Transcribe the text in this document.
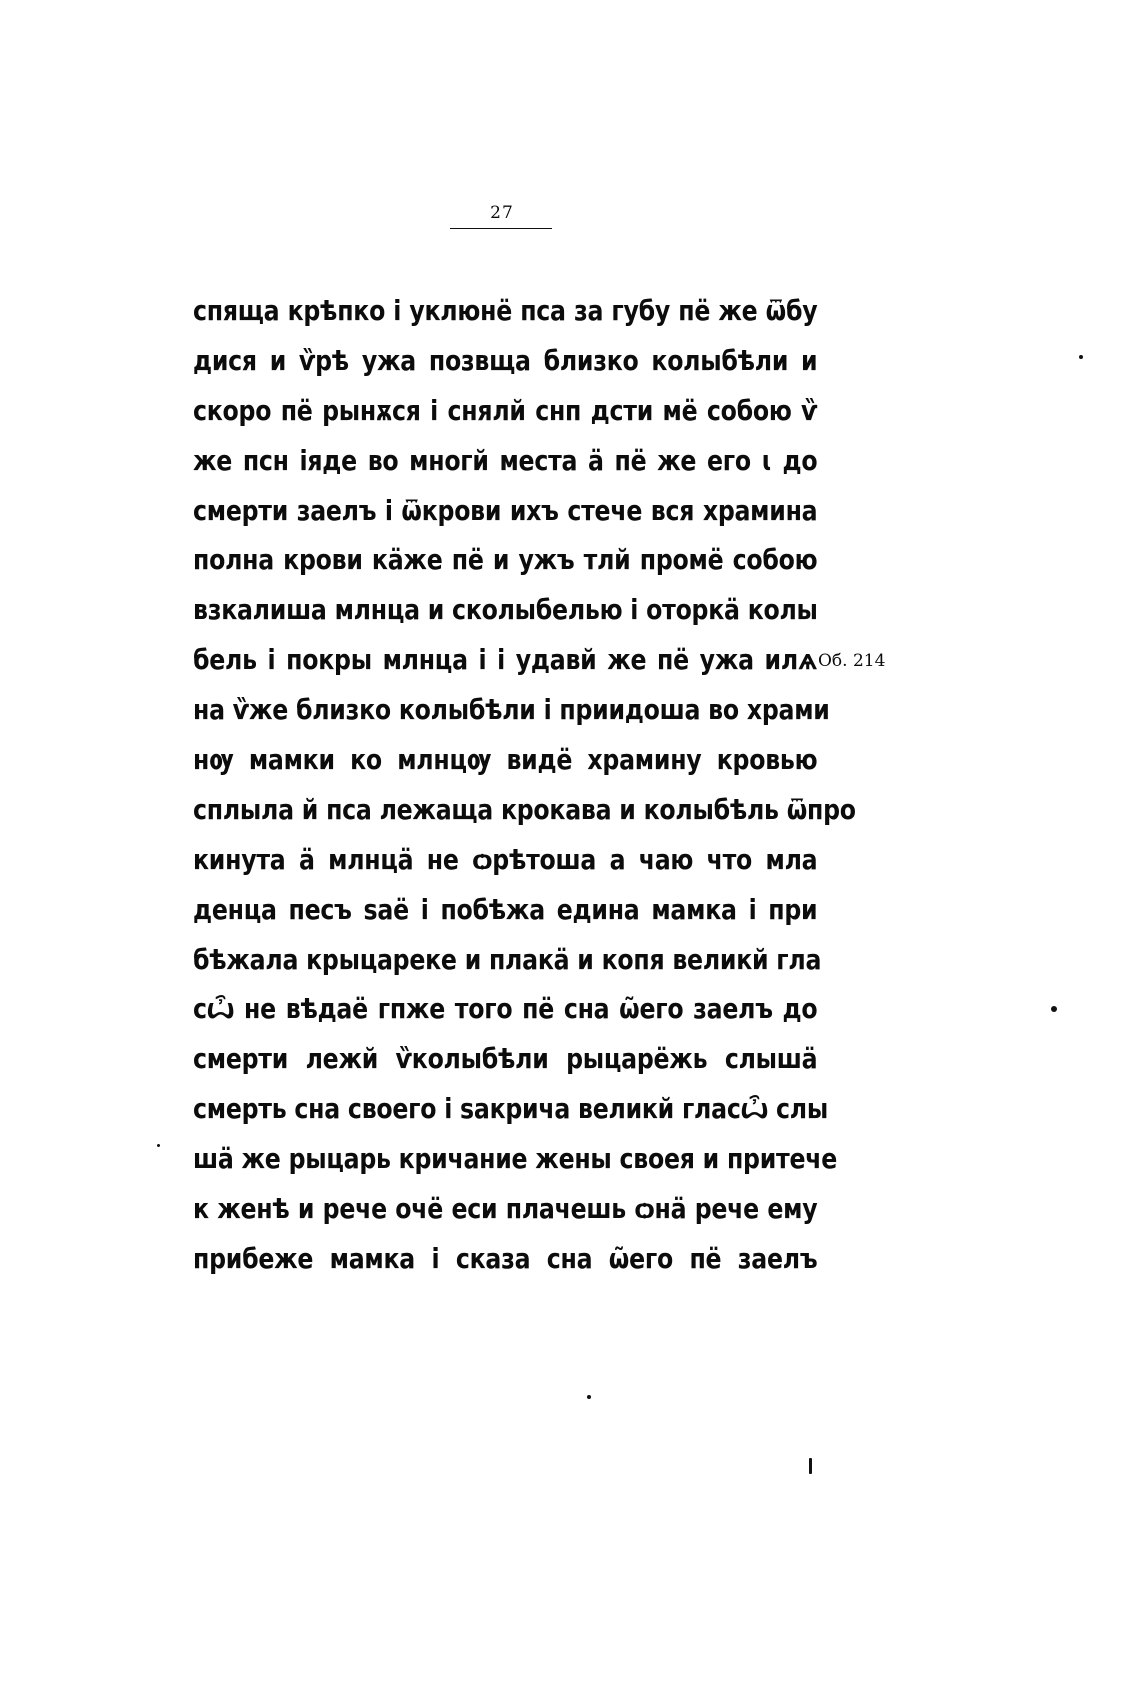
27
спяща крѣпко і уклюнё пса за губу пё же ѿбу
дися и ѷрѣ ужа позвща близко колыбѣли и
скоро пё рынѫся і снялй снп дсти мё собою ѷ
же псн іяде во многй места ä пё же его ꙇ до
смерти заелъ і ѿкрови ихъ стече вся храмина
полна крови кäже пё и ужъ тлй промё собою
взкалиша млнца и сколыбелью і оторкä колы
бель і покры млнца і і удавй же пё ужа илѧ
на ѷже близко колыбѣли і приидоша во храми
нѹ мамки ко млнцѹ видё храмину кровью
сплыла й пса лежаща крокава и колыбѣль ѿпро
кинута ä млнцä не ѻрѣтоша а чаю что мла
денца песъ ѕаё і побѣжа едина мамка і при
бѣжала крыцареке и плакä и копя великй гла
сѽ не вѣдаё гпже того пё сна ѡ̃его заелъ до
смерти лежй ѷколыбѣли рыцарёжь слышä
смерть сна своего і ѕакрича великй гласѽ слы
шä же рыцарь кричание жены своея и притече
к женѣ и рече очё еси плачешь ѻнä рече ему
прибеже мамка і сказа сна ѡ̃его пё заелъ
Об. 214
